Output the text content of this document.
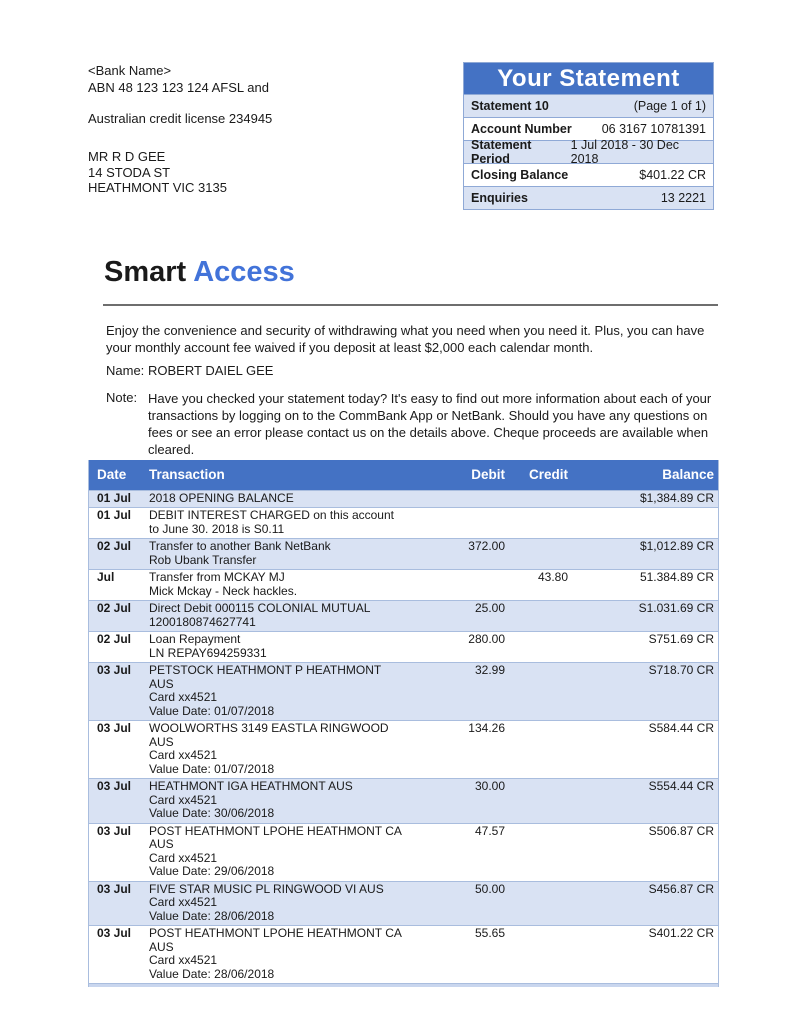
<Bank Name>
ABN 48 123 123 124 AFSL and
Australian credit license 234945
MR R D GEE
14 STODA ST
HEATHMONT VIC 3135
Your Statement
Statement 10	(Page 1 of 1)
Account Number 06 3167 10781391
Statement Period
1 Jul 2018 - 30 Dec 2018
Closing Balance	$401.22 CR
Enquiries	13 2221
Smart Access
Enjoy the convenience and security of withdrawing what you need when you need it. Plus, you can have your monthly account fee waived if you deposit at least $2,000 each calendar month.
Name: ROBERT DAIEL GEE
Note: Have you checked your statement today? It's easy to find out more information about each of your transactions by logging on to the CommBank App or NetBank. Should you have any questions on fees or see an error please contact us on the details above. Cheque proceeds are available when cleared.
Date	Transaction	Debit	Credit	Balance
01 Jul	2018 OPENING BALANCE			$1,384.89 CR
01 Jul	DEBIT INTEREST CHARGED on this account
to June 30. 2018 is S0.11			

02 Jul	Transfer to another Bank NetBank
Rob Ubank Transfer	372.00		$1,012.89 CR
Jul	Transfer from MCKAY MJ
Mick Mckay - Neck hackles.		43.80	51.384.89 CR
02 Jul	Direct Debit 000115 COLONIAL MUTUAL
1200180874627741	25.00		S1.031.69 CR
02 Jul	Loan Repayment
LN REPAY694259331	280.00		S751.69 CR
03 Jul	PETSTOCK HEATHMONT P HEATHMONT AUS
Card xx4521
Value Date: 01/07/2018	32.99		S718.70 CR
03 Jul	WOOLWORTHS 3149 EASTLA RINGWOOD AUS
Card xx4521
Value Date: 01/07/2018	134.26		S584.44 CR
03 Jul	HEATHMONT IGA HEATHMONT AUS
Card xx4521
Value Date: 30/06/2018	30.00		S554.44 CR
03 Jul	POST HEATHMONT LPOHE HEATHMONT CA AUS
Card xx4521
Value Date: 29/06/2018	47.57		S506.87 CR
03 Jul	FIVE STAR MUSIC PL RINGWOOD VI AUS
Card xx4521
Value Date: 28/06/2018	50.00		S456.87 CR
03 Jul	POST HEATHMONT LPOHE HEATHMONT CA AUS
Card xx4521
Value Date: 28/06/2018	55.65		S401.22 CR
